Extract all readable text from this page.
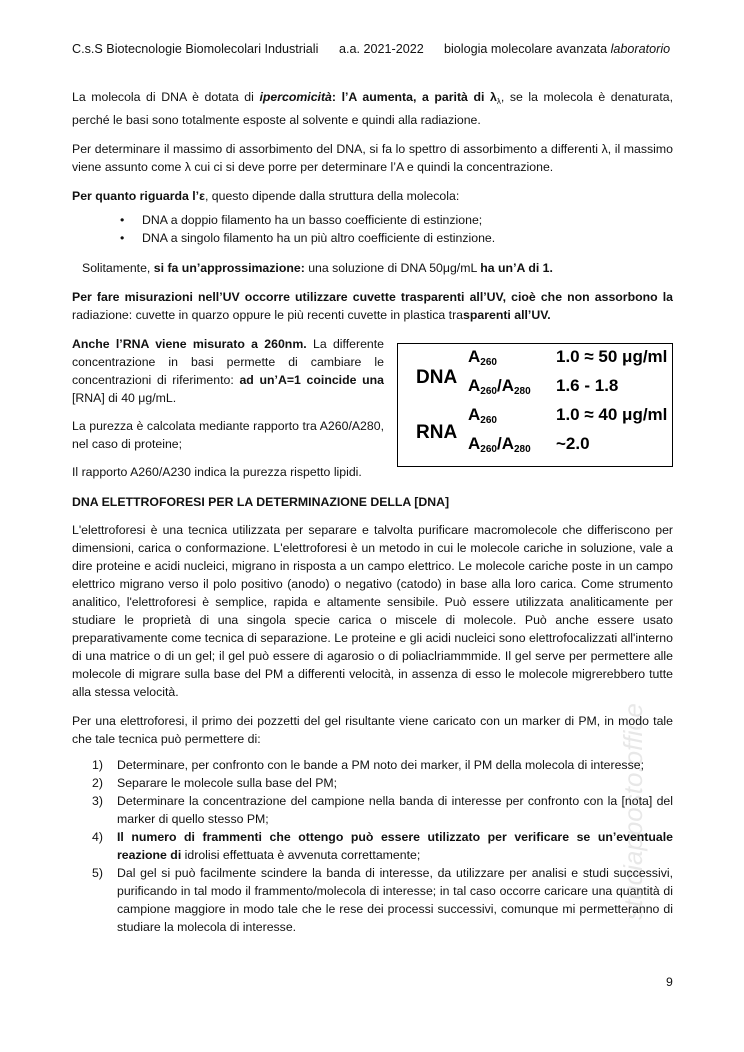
C.s.S Biotecnologie Biomolecolari Industriali a.a. 2021-2022 biologia molecolare avanzata laboratorio
studiapposto.office

La molecola di DNA è dotata di ipercomicità: l’A aumenta, a parità di $\lambda_\lambda$, se la molecola è denaturata, perché le basi sono totalmente esposte al solvente e quindi alla radiazione.

Per determinare il massimo di assorbimento del DNA, si fa lo spettro di assorbimento a differenti λ, il massimo viene assunto come λ cui ci si deve porre per determinare l’A e quindi la concentrazione.

Per quanto riguarda l’ε, questo dipende dalla struttura della molecola:

• DNA a doppio filamento ha un basso coefficiente di estinzione;
• DNA a singolo filamento ha un più altro coefficiente di estinzione.

Solitamente, si fa un’approssimazione: una soluzione di DNA 50μg/mL ha un’A di 1.

Per fare misurazioni nell’UV occorre utilizzare cuvette trasparenti all’UV, cioè che non assorbono la radiazione: cuvette in quarzo oppure le più recenti cuvette in plastica trasparenti all’UV.

Anche l’RNA viene misurato a 260nm. La differente concentrazione in basi permette di cambiare le concentrazioni di riferimento: ad un’A=1 coincide una [RNA] di 40 μg/mL.

La purezza è calcolata mediante rapporto tra A260/A280, nel caso di proteine;

Il rapporto A260/A230 indica la purezza rispetto lipidi.

DNA
RNA
$A_{260}$
$A_{260}/A_{280}$
1.0 ≈ 50 μg/ml
1.6 - 1.8
$A_{260}$
$A_{260}/A_{280}$
1.0 ≈ 40 μg/ml
~2.0
DNA ELETTROFORESI PER LA DETERMINAZIONE DELLA [DNA]

L'elettroforesi è una tecnica utilizzata per separare e talvolta purificare macromolecole che differiscono per dimensioni, carica o conformazione. L'elettroforesi è un metodo in cui le molecole cariche in soluzione, vale a dire proteine e acidi nucleici, migrano in risposta a un campo elettrico. Le molecole cariche poste in un campo elettrico migrano verso il polo positivo (anodo) o negativo (catodo) in base alla loro carica. Come strumento analitico, l'elettroforesi è semplice, rapida e altamente sensibile. Può essere utilizzata analiticamente per studiare le proprietà di una singola specie carica o miscele di molecole. Può anche essere usato preparativamente come tecnica di separazione. Le proteine e gli acidi nucleici sono elettrofocalizzati all'interno di una matrice o di un gel; il gel può essere di agarosio o di poliaclriammmide. Il gel serve per permettere alle molecole di migrare sulla base del PM a differenti velocità, in assenza di esso le molecole migrerebbero tutte alla stessa velocità.

Per una elettroforesi, il primo dei pozzetti del gel risultante viene caricato con un marker di PM, in modo tale che tale tecnica può permettere di:

1) Determinare, per confronto con le bande a PM noto dei marker, il PM della molecola di interesse;
2) Separare le molecole sulla base del PM;
3) Determinare la concentrazione del campione nella banda di interesse per confronto con la [nota] del marker di quello stesso PM;
4) Il numero di frammenti che ottengo può essere utilizzato per verificare se un’eventuale reazione di idrolisi effettuata è avvenuta correttamente;
5) Dal gel si può facilmente scindere la banda di interesse, da utilizzare per analisi e studi successivi, purificando in tal modo il frammento/molecola di interesse; in tal caso occorre caricare una quantità di campione maggiore in modo tale che le rese dei processi successivi, comunque mi permetteranno di studiare la molecola di interesse.
9
